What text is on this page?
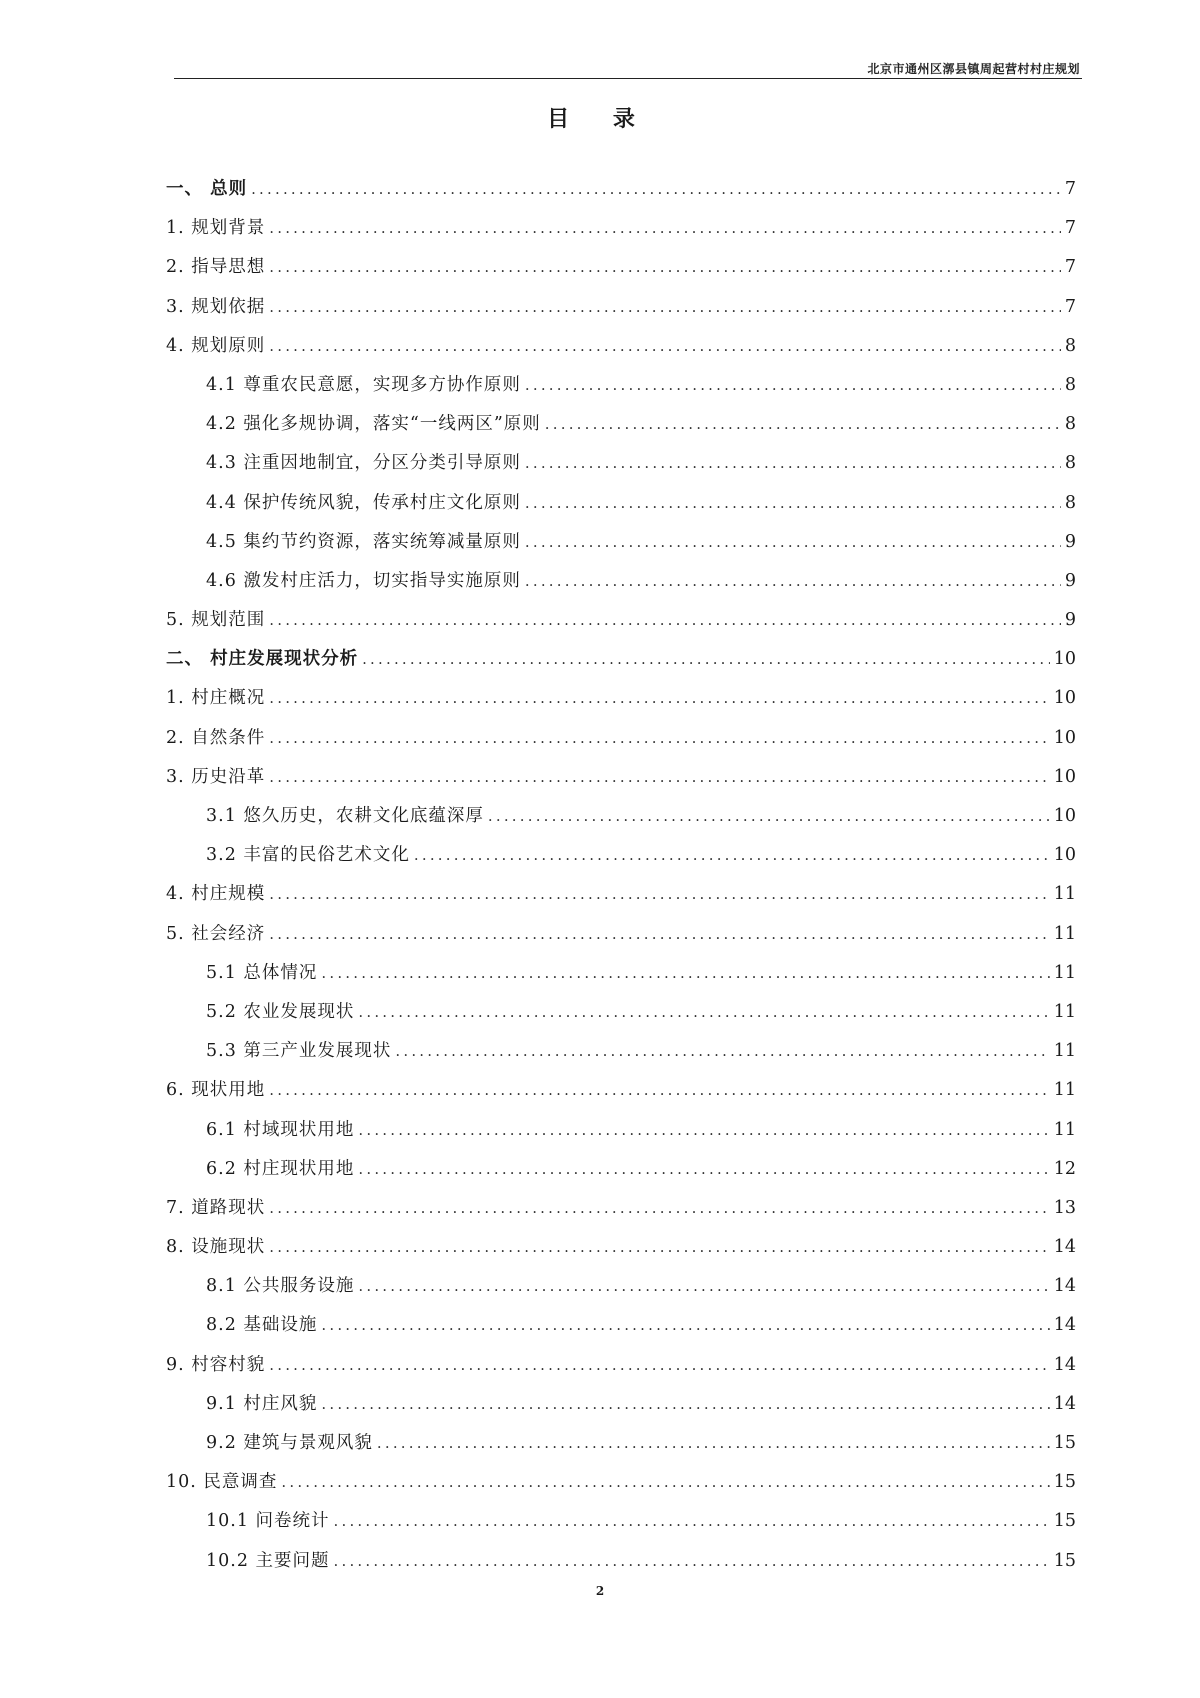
北京市通州区漷县镇周起营村村庄规划
目 录
一、 总则 .....	7
1. 规划背景 .....	7
2. 指导思想 .....	7
3. 规划依据 .....	7
4. 规划原则 .....	8
4.1 尊重农民意愿，实现多方协作原则 .....	8
4.2 强化多规协调，落实“一线两区”原则 .....	8
4.3 注重因地制宜，分区分类引导原则 .....	8
4.4 保护传统风貌，传承村庄文化原则 .....	8
4.5 集约节约资源，落实统筹减量原则 .....	9
4.6 激发村庄活力，切实指导实施原则 .....	9
5. 规划范围 .....	9
二、 村庄发展现状分析 .....	10
1. 村庄概况 .....	10
2. 自然条件 .....	10
3. 历史沿革 .....	10
3.1 悠久历史，农耕文化底蕴深厚 .....	10
3.2 丰富的民俗艺术文化 .....	10
4. 村庄规模 .....	11
5. 社会经济 .....	11
5.1 总体情况 .....	11
5.2 农业发展现状 .....	11
5.3 第三产业发展现状 .....	11
6. 现状用地 .....	11
6.1 村域现状用地 .....	11
6.2 村庄现状用地 .....	12
7. 道路现状 .....	13
8. 设施现状 .....	14
8.1 公共服务设施 .....	14
8.2 基础设施 .....	14
9. 村容村貌 .....	14
9.1 村庄风貌 .....	14
9.2 建筑与景观风貌 .....	15
10. 民意调查 .....	15
10.1 问卷统计 .....	15
10.2 主要问题 .....	15
2
